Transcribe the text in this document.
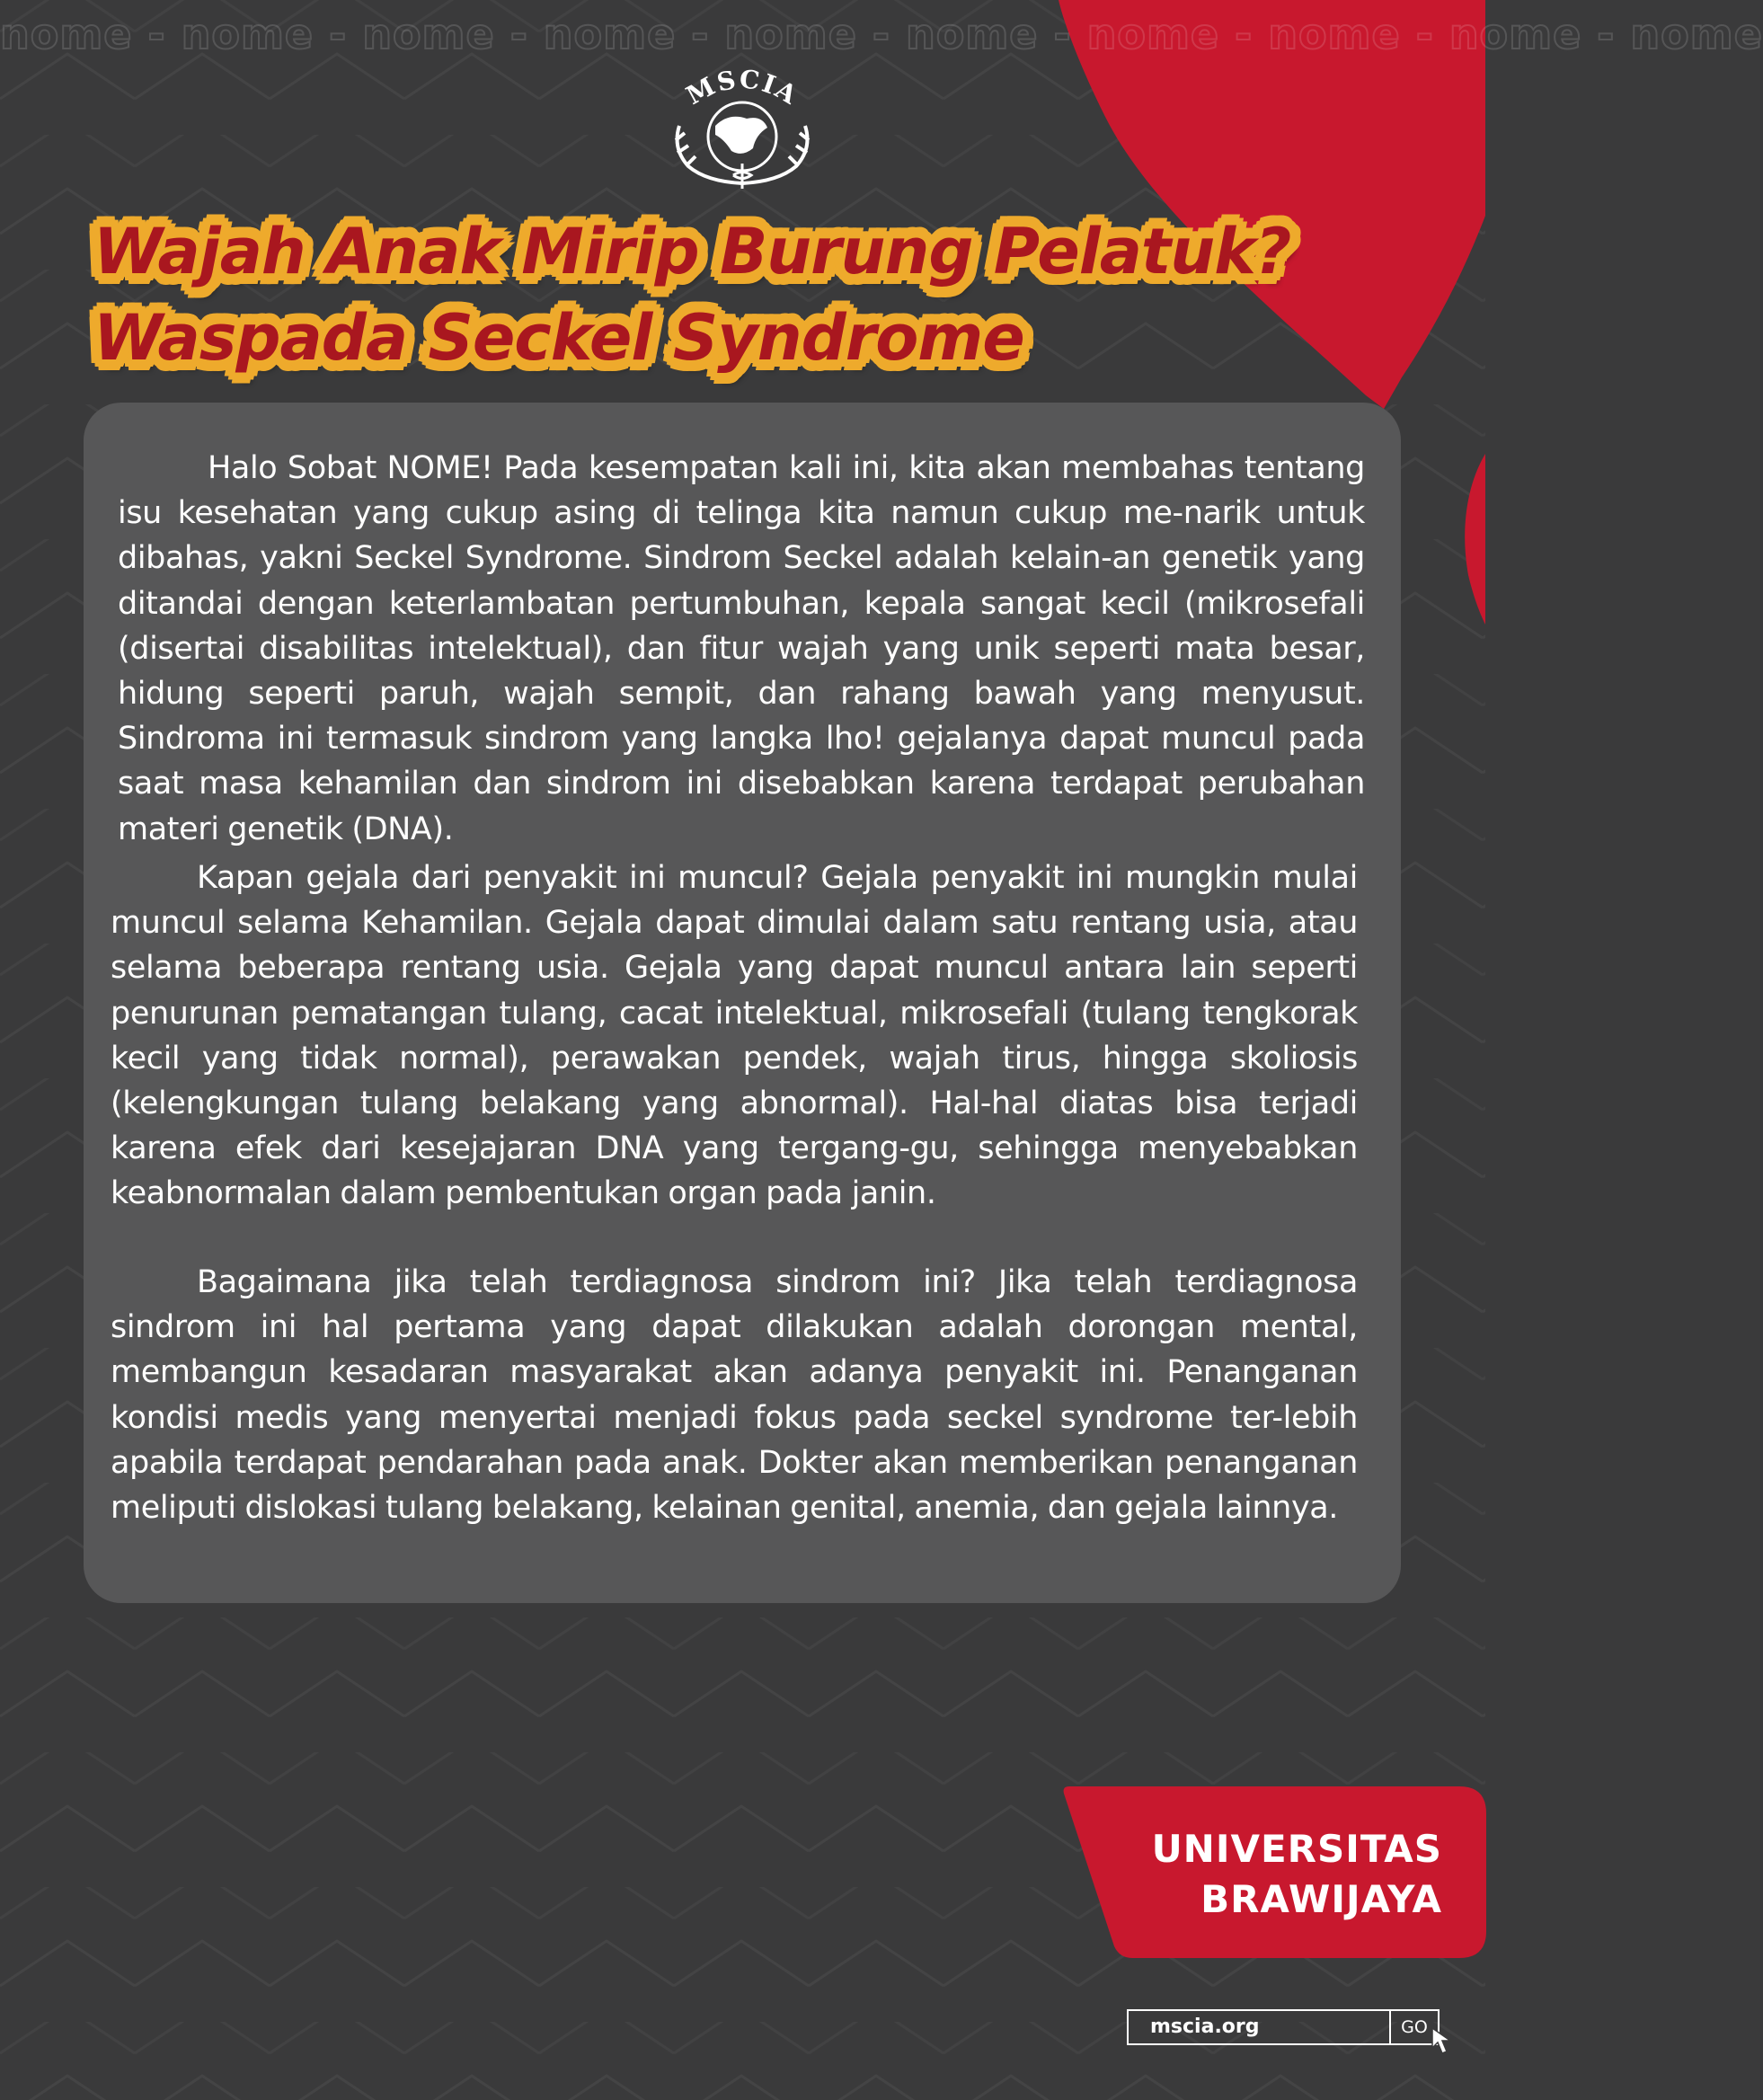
nome - nome - nome - nome - nome - nome - nome - nome - nome - nome
MSCIA
Wajah Anak Mirip Burung Pelatuk?
Waspada Seckel Syndrome

Halo Sobat NOME! Pada kesempatan kali ini, kita akan membahas tentang isu kesehatan yang cukup asing di telinga kita namun cukup me-narik untuk dibahas, yakni Seckel Syndrome. Sindrom Seckel adalah kelain-an genetik yang ditandai dengan keterlambatan pertumbuhan, kepala sangat kecil (mikrosefali (disertai disabilitas intelektual), dan fitur wajah yang unik seperti mata besar, hidung seperti paruh, wajah sempit, dan rahang bawah yang menyusut. Sindroma ini termasuk sindrom yang langka lho! gejalanya dapat muncul pada saat masa kehamilan dan sindrom ini disebabkan karena terdapat perubahan materi genetik (DNA).

Kapan gejala dari penyakit ini muncul? Gejala penyakit ini mungkin mulai muncul selama Kehamilan. Gejala dapat dimulai dalam satu rentang usia, atau selama beberapa rentang usia. Gejala yang dapat muncul antara lain seperti penurunan pematangan tulang, cacat intelektual, mikrosefali (tulang tengkorak kecil yang tidak normal), perawakan pendek, wajah tirus, hingga skoliosis (kelengkungan tulang belakang yang abnormal). Hal-hal diatas bisa terjadi karena efek dari kesejajaran DNA yang tergang-gu, sehingga menyebabkan keabnormalan dalam pembentukan organ pada janin.

Bagaimana jika telah terdiagnosa sindrom ini? Jika telah terdiagnosa sindrom ini hal pertama yang dapat dilakukan adalah dorongan mental, membangun kesadaran masyarakat akan adanya penyakit ini. Penanganan kondisi medis yang menyertai menjadi fokus pada seckel syndrome ter-lebih apabila terdapat pendarahan pada anak. Dokter akan memberikan penanganan meliputi dislokasi tulang belakang, kelainan genital, anemia, dan gejala lainnya.

UNIVERSITAS
BRAWIJAYA
mscia.org	GO
